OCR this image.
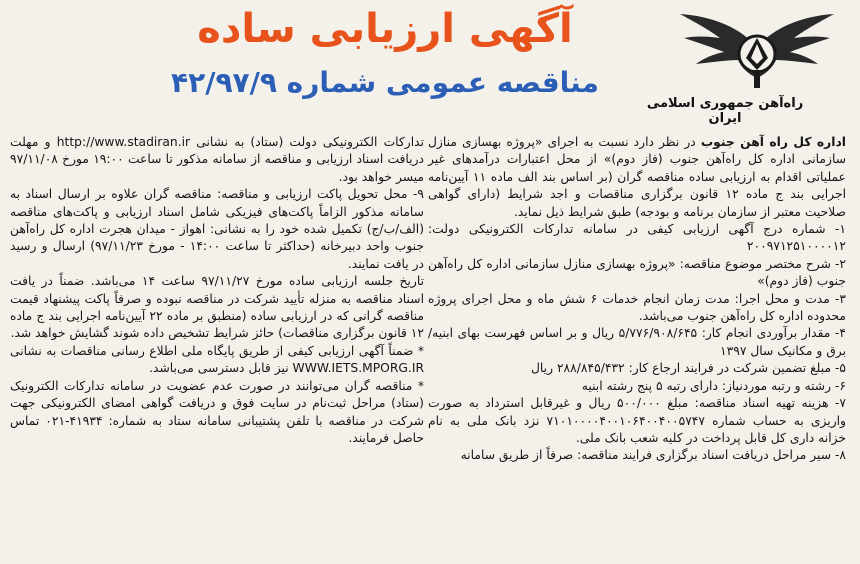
راه‌آهن جمهوری اسلامی ایران
آگهی ارزیابی ساده
مناقصه عمومی شماره ۴۲/۹۷/۹

اداره کل راه آهن جنوب در نظر دارد نسبت به اجرای «پروژه بهسازی منازل سازمانی اداره کل راه‌آهن جنوب (فاز دوم)» از محل اعتبارات درآمدهای غیر عملیاتی اقدام به ارزیابی ساده مناقصه گران (بر اساس بند الف ماده ۱۱ آیین‌نامه اجرایی بند ج ماده ۱۲ قانون برگزاری مناقصات و اجد شرایط (دارای گواهی صلاحیت معتبر از سازمان برنامه و بودجه) طبق شرایط ذیل نماید.

۱- شماره درج آگهی ارزیابی کیفی در سامانه تدارکات الکترونیکی دولت: ۲۰۰۹۷۱۲۵۱۰۰۰۰۱۲

۲- شرح مختصر موضوع مناقصه: «پروژه بهسازی منازل سازمانی اداره کل راه‌آهن جنوب (فاز دوم)»

۳- مدت و محل اجرا: مدت زمان انجام خدمات ۶ شش ماه و محل اجرای پروژه محدوده اداره کل راه‌آهن جنوب می‌باشد.

۴- مقدار برآوردی انجام کار: ۵/۷۷۶/۹۰۸/۶۴۵ ریال و بر اساس فهرست بهای ابنیه/برق و مکانیک سال ۱۳۹۷

۵- مبلغ تضمین شرکت در فرایند ارجاع کار: ۲۸۸/۸۴۵/۴۳۲ ریال

۶- رشته و رتبه موردنیاز: دارای رتبه ۵ پنج رشته ابنیه

۷- هزینه تهیه اسناد مناقصه: مبلغ ۵۰۰/۰۰۰ ریال و غیرقابل استرداد به صورت واریزی به حساب شماره ۷۱۰۱۰۰۰۰۴۰۰۱۰۶۴۰۰۴۰۰۵۷۴۷ نزد بانک ملی به نام خزانه داری کل قابل پرداخت در کلیه شعب بانک ملی.

۸- سیر مراحل دریافت اسناد برگزاری فرایند مناقصه: صرفاً از طریق سامانه

تدارکات الکترونیکی دولت (ستاد) به نشانی http://www.stadiran.ir و مهلت دریافت اسناد ارزیابی و مناقصه از سامانه مذکور تا ساعت ۱۹:۰۰ مورخ ۹۷/۱۱/۰۸ میسر خواهد بود.

۹- محل تحویل پاکت ارزیابی و مناقصه: مناقصه گران علاوه بر ارسال اسناد به سامانه مذکور الزاماً پاکت‌های فیزیکی شامل اسناد ارزیابی و پاکت‌های مناقصه (الف/ب/ج) تکمیل شده خود را به نشانی: اهواز - میدان هجرت اداره کل راه‌آهن جنوب واحد دبیرخانه (حداکثر تا ساعت ۱۴:۰۰ - مورخ ۹۷/۱۱/۲۳) ارسال و رسید در یافت نمایند.

تاریخ جلسه ارزیابی ساده مورخ ۹۷/۱۱/۲۷ ساعت ۱۴ می‌باشد. ضمناً در یافت اسناد مناقصه به منزله تأیید شرکت در مناقصه نبوده و صرفاً پاکت پیشنهاد قیمت مناقصه گرانی که در ارزیابی ساده (منطبق بر ماده ۲۲ آیین‌نامه اجرایی بند ج ماده ۱۲ قانون برگزاری مناقصات) حائز شرایط تشخیص داده شوند گشایش خواهد شد.

* ضمناً آگهی ارزیابی کیفی از طریق پایگاه ملی اطلاع رسانی مناقصات به نشانی WWW.IETS.MPORG.IR نیز قابل دسترسی می‌باشد.

* مناقصه گران می‌توانند در صورت عدم عضویت در سامانه تدارکات الکترونیک (ستاد) مراحل ثبت‌نام در سایت فوق و دریافت گواهی امضای الکترونیکی جهت شرکت در مناقصه با تلفن پشتیبانی سامانه ستاد به شماره: ۴۱۹۳۴-۰۲۱ تماس حاصل فرمایند.
